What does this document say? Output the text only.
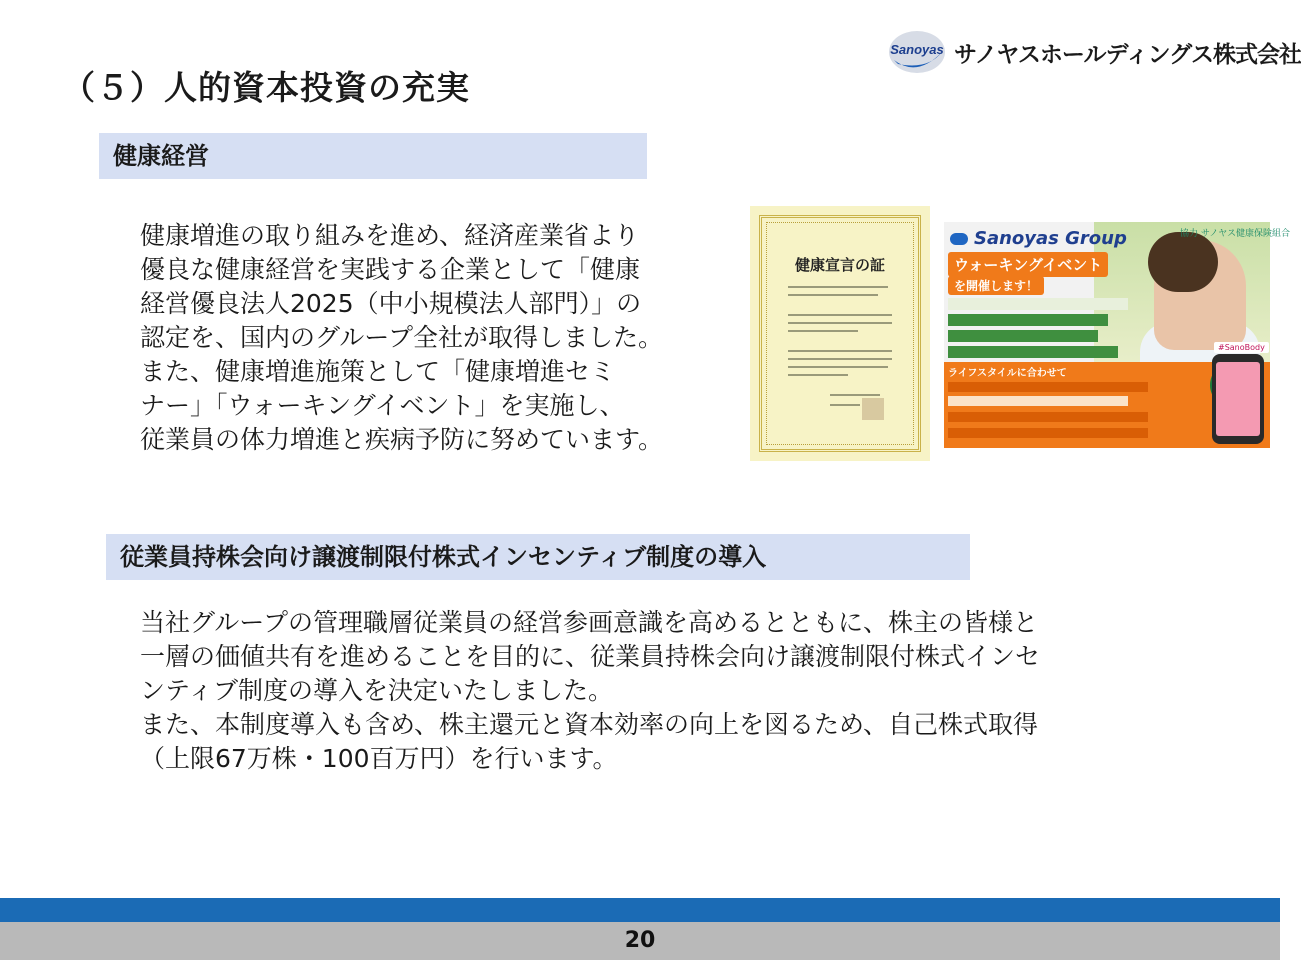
（５）人的資本投資の充実
Sanoyas サノヤスホールディングス株式会社
健康経営
健康増進の取り組みを進め、経済産業省より
優良な健康経営を実践する企業として「健康
経営優良法人2025（中小規模法人部門）」の
認定を、国内のグループ全社が取得しました。
また、健康増進施策として「健康増進セミ
ナー」「ウォーキングイベント」を実施し、
従業員の体力増進と疾病予防に努めています。
健康宣言の証
Sanoyas Group	協力 サノヤス健康保険組合
ウォーキングイベント
を開催します！
#SanoBody
ライフスタイルに合わせて
従業員持株会向け譲渡制限付株式インセンティブ制度の導入
当社グループの管理職層従業員の経営参画意識を高めるとともに、株主の皆様と
一層の価値共有を進めることを目的に、従業員持株会向け譲渡制限付株式インセ
ンティブ制度の導入を決定いたしました。
また、本制度導入も含め、株主還元と資本効率の向上を図るため、自己株式取得
（上限67万株・100百万円）を行います。
20
